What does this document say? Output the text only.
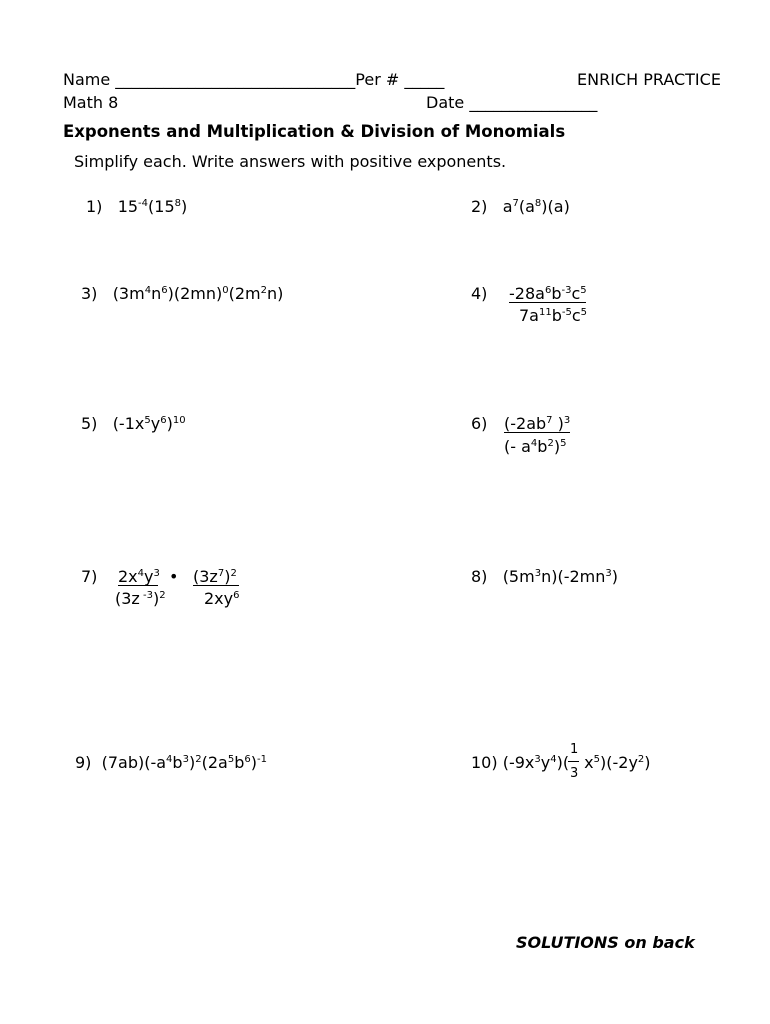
Name ______________________________Per # _____	ENRICH PRACTICE
Math 8	Date ________________
Exponents and Multiplication & Division of Monomials
Simplify each. Write answers with positive exponents.
1) $15^{-4}(15^8)$	2) $a^7(a^8)(a)$
3) $(3m^4n^6)(2mn)^0(2m^2n)$	4) $-28a^6b^{-3}c^5$
$7a^{11}b^{-5}c^5$
5) $(-1x^5y^6)^{10}$	6) ($-2ab^7$ )$^3$
(- $a^4b^2)^5$
7) $2x^4y^3$
(3z $^{-3}$)$^2$
• $(3z^7)^2$
$2xy^6$
8) $(5m^3n)(-2mn^3)$
9) $(7ab)(-a^4b^3)^2(2a^5b^6)^{-1}$	10) $(-9x^3y^4)$( $x^5)(-2y^2)$
1
3
SOLUTIONS on back
